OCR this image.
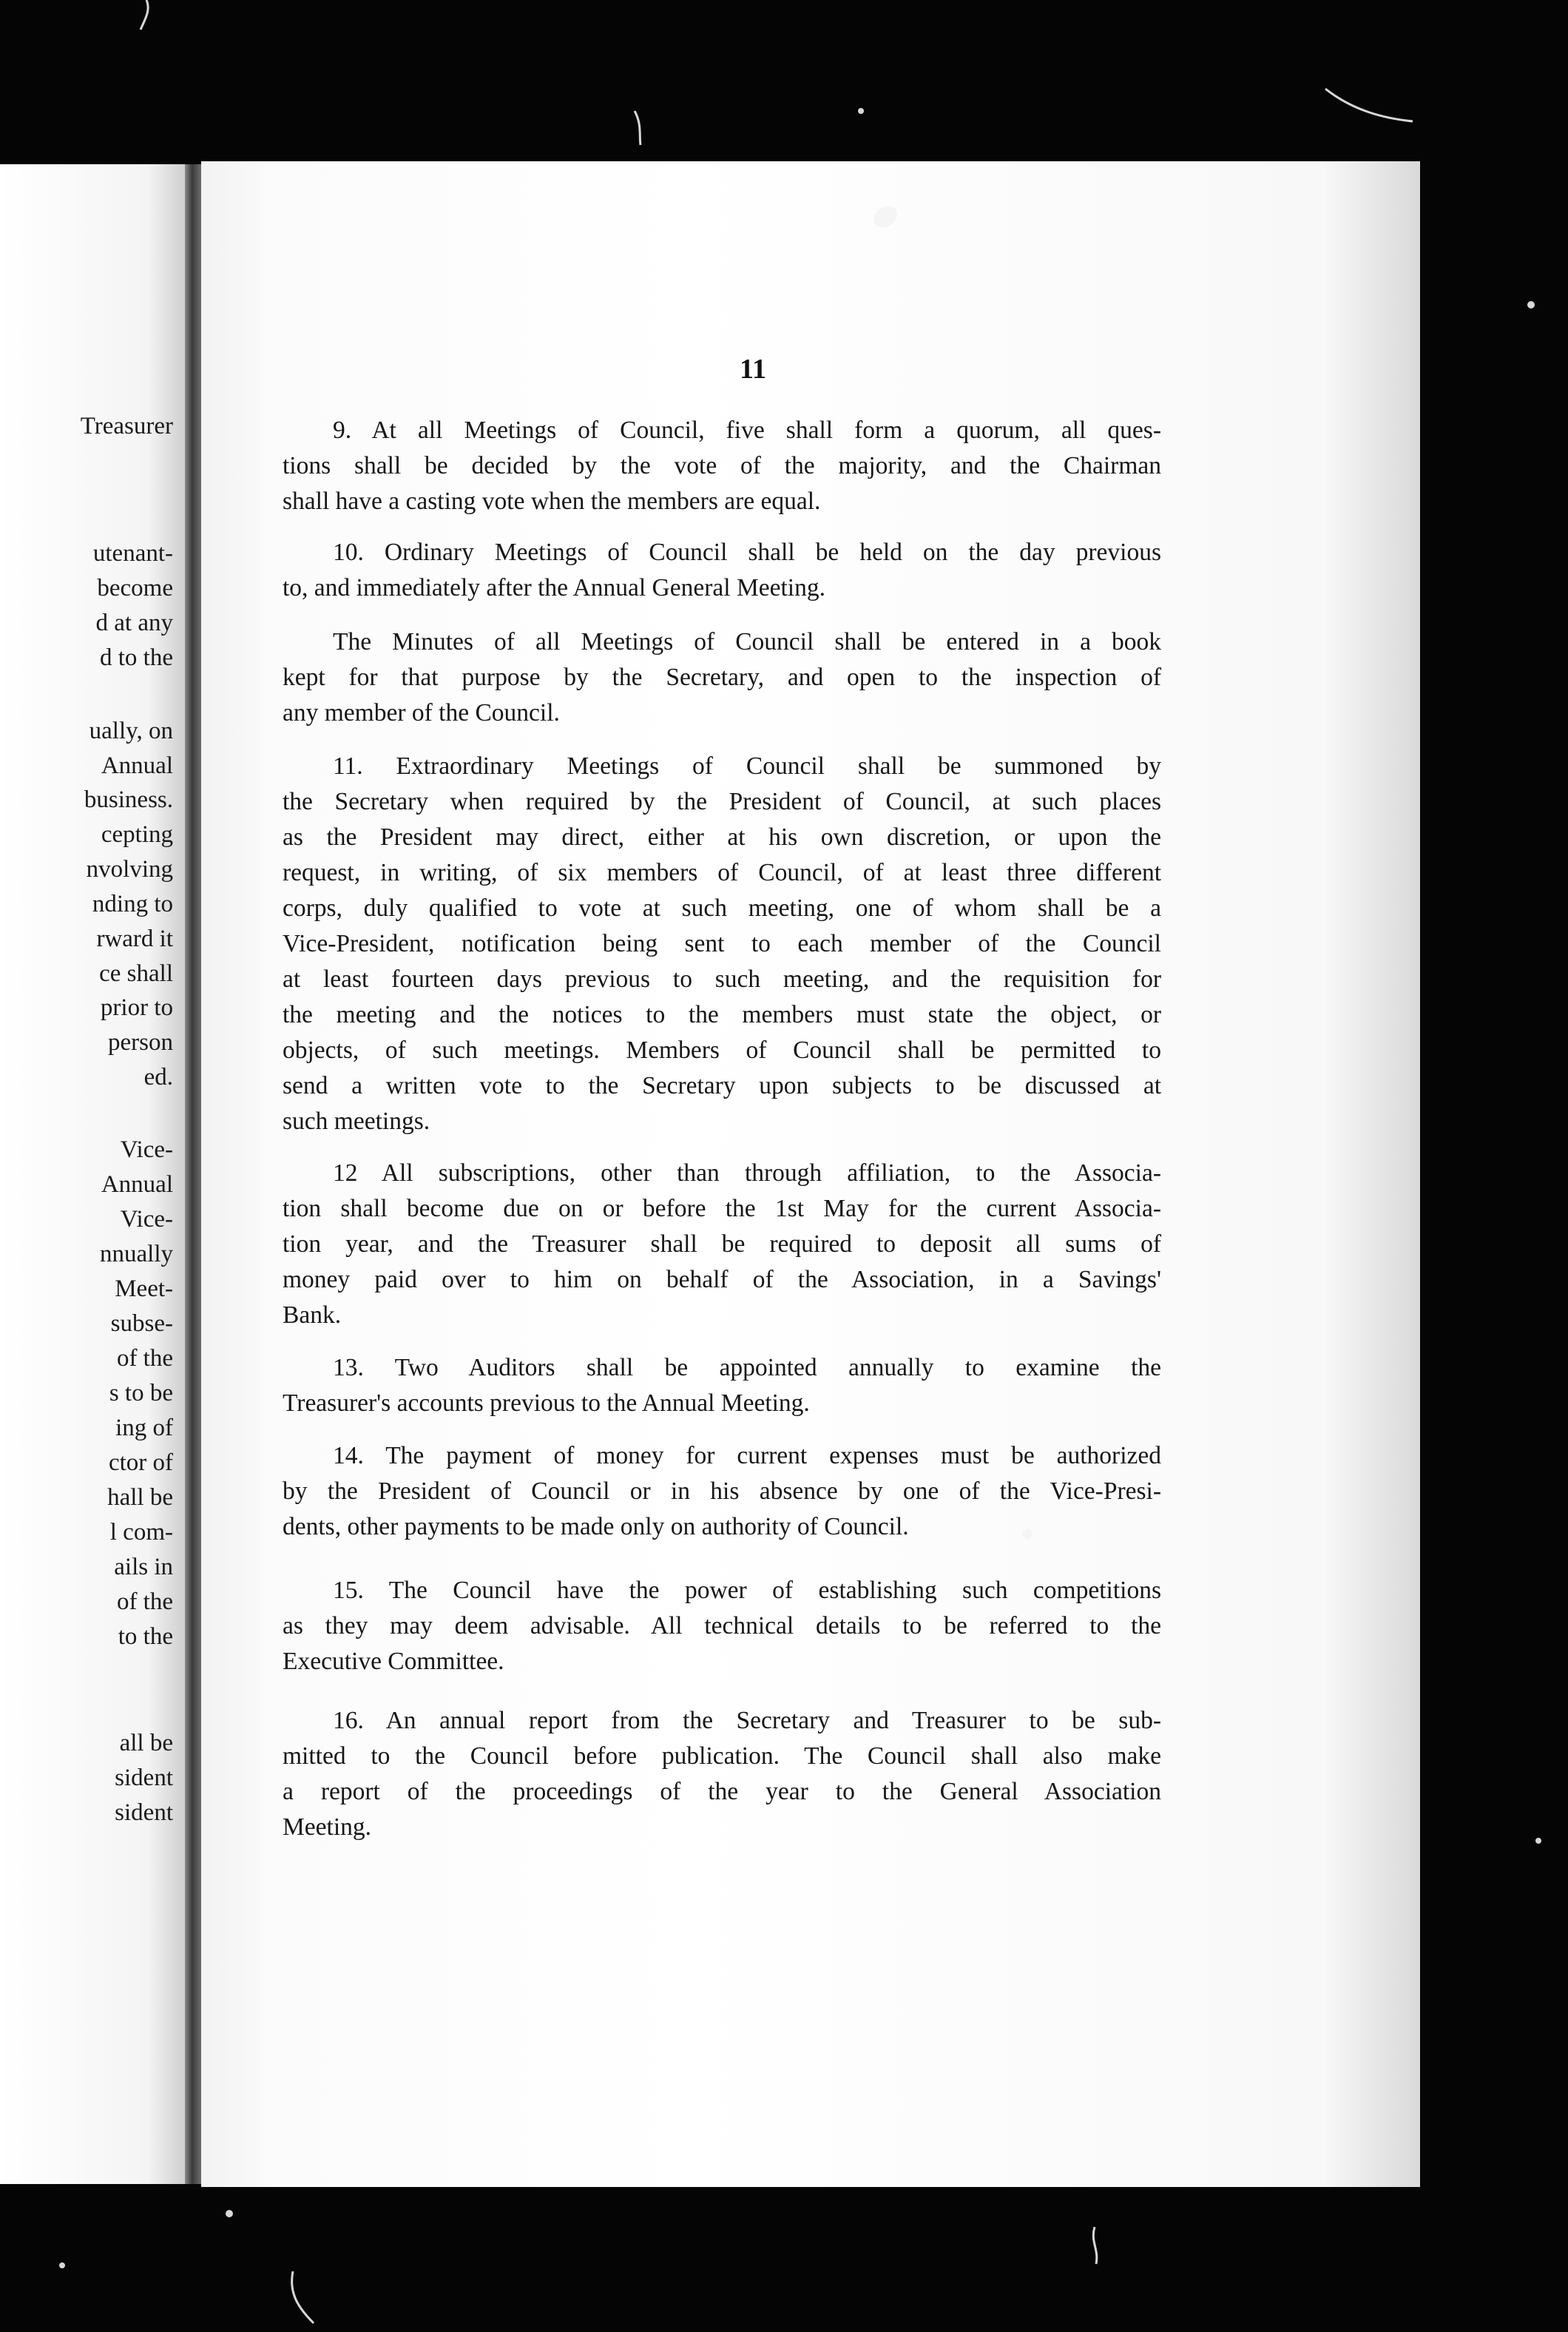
Treasurer
utenant-
become
d at any
d to the
ually, on
Annual
business.
cepting
nvolving
nding to
rward it
ce shall
prior to
person
ed.
Vice-
Annual
Vice-
nnually
Meet-
subse-
of the
s to be
ing of
ctor of
hall be
l com-
ails in
of the
to the
all be
sident
sident
11
9. At all Meetings of Council, five shall form a quorum, all ques-
tions shall be decided by the vote of the majority, and the Chairman
shall have a casting vote when the members are equal.
10. Ordinary Meetings of Council shall be held on the day previous
to, and immediately after the Annual General Meeting.
The Minutes of all Meetings of Council shall be entered in a book
kept for that purpose by the Secretary, and open to the inspection of
any member of the Council.
11. Extraordinary Meetings of Council shall be summoned by
the Secretary when required by the President of Council, at such places
as the President may direct, either at his own discretion, or upon the
request, in writing, of six members of Council, of at least three different
corps, duly qualified to vote at such meeting, one of whom shall be a
Vice-President, notification being sent to each member of the Council
at least fourteen days previous to such meeting, and the requisition for
the meeting and the notices to the members must state the object, or
objects, of such meetings. Members of Council shall be permitted to
send a written vote to the Secretary upon subjects to be discussed at
such meetings.
12 All subscriptions, other than through affiliation, to the Associa-
tion shall become due on or before the 1st May for the current Associa-
tion year, and the Treasurer shall be required to deposit all sums of
money paid over to him on behalf of the Association, in a Savings'
Bank.
13. Two Auditors shall be appointed annually to examine the
Treasurer's accounts previous to the Annual Meeting.
14. The payment of money for current expenses must be authorized
by the President of Council or in his absence by one of the Vice-Presi-
dents, other payments to be made only on authority of Council.
15. The Council have the power of establishing such competitions
as they may deem advisable. All technical details to be referred to the
Executive Committee.
16. An annual report from the Secretary and Treasurer to be sub-
mitted to the Council before publication. The Council shall also make
a report of the proceedings of the year to the General Association
Meeting.
